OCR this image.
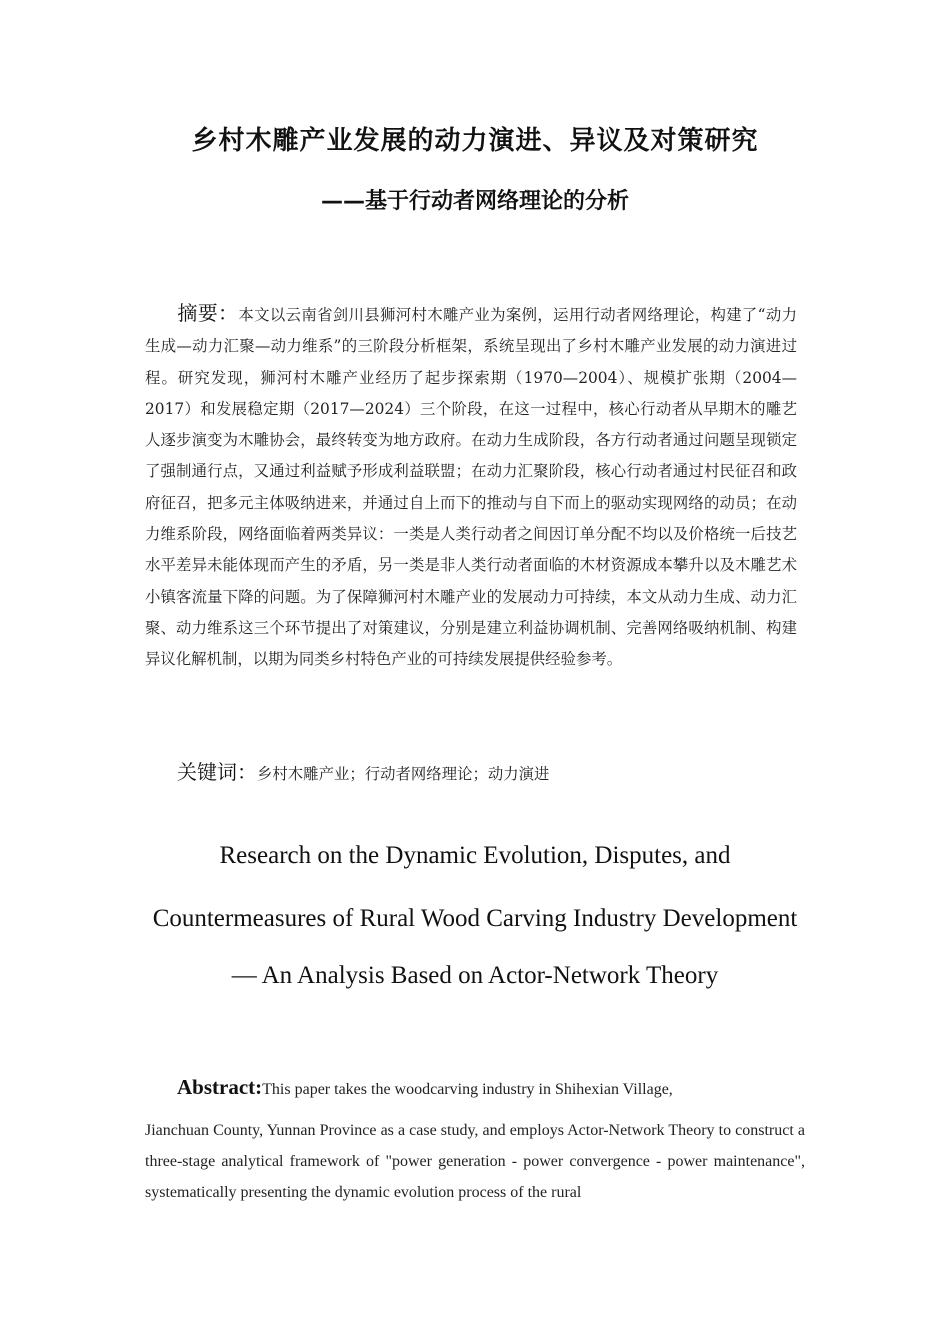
乡村木雕产业发展的动力演进、异议及对策研究
——基于行动者网络理论的分析
摘要：本文以云南省剑川县狮河村木雕产业为案例，运用行动者网络理论，构建了“动力生成—动力汇聚—动力维系”的三阶段分析框架，系统呈现出了乡村木雕产业发展的动力演进过程。研究发现，狮河村木雕产业经历了起步探索期（1970—2004）、规模扩张期（2004—2017）和发展稳定期（2017—2024）三个阶段，在这一过程中，核心行动者从早期木的雕艺人逐步演变为木雕协会，最终转变为地方政府。在动力生成阶段，各方行动者通过问题呈现锁定了强制通行点，又通过利益赋予形成利益联盟；在动力汇聚阶段，核心行动者通过村民征召和政府征召，把多元主体吸纳进来，并通过自上而下的推动与自下而上的驱动实现网络的动员；在动力维系阶段，网络面临着两类异议：一类是人类行动者之间因订单分配不均以及价格统一后技艺水平差异未能体现而产生的矛盾，另一类是非人类行动者面临的木材资源成本攀升以及木雕艺术小镇客流量下降的问题。为了保障狮河村木雕产业的发展动力可持续，本文从动力生成、动力汇聚、动力维系这三个环节提出了对策建议，分别是建立利益协调机制、完善网络吸纳机制、构建异议化解机制，以期为同类乡村特色产业的可持续发展提供经验参考。
关键词：乡村木雕产业；行动者网络理论；动力演进
Research on the Dynamic Evolution, Disputes, and
Countermeasures of Rural Wood Carving Industry Development
— An Analysis Based on Actor-Network Theory
Abstract:This paper takes the woodcarving industry in Shihexian Village,
Jianchuan County, Yunnan Province as a case study, and employs Actor-Network Theory to construct a three-stage analytical framework of "power generation - power convergence - power maintenance", systematically presenting the dynamic evolution process of the rural
